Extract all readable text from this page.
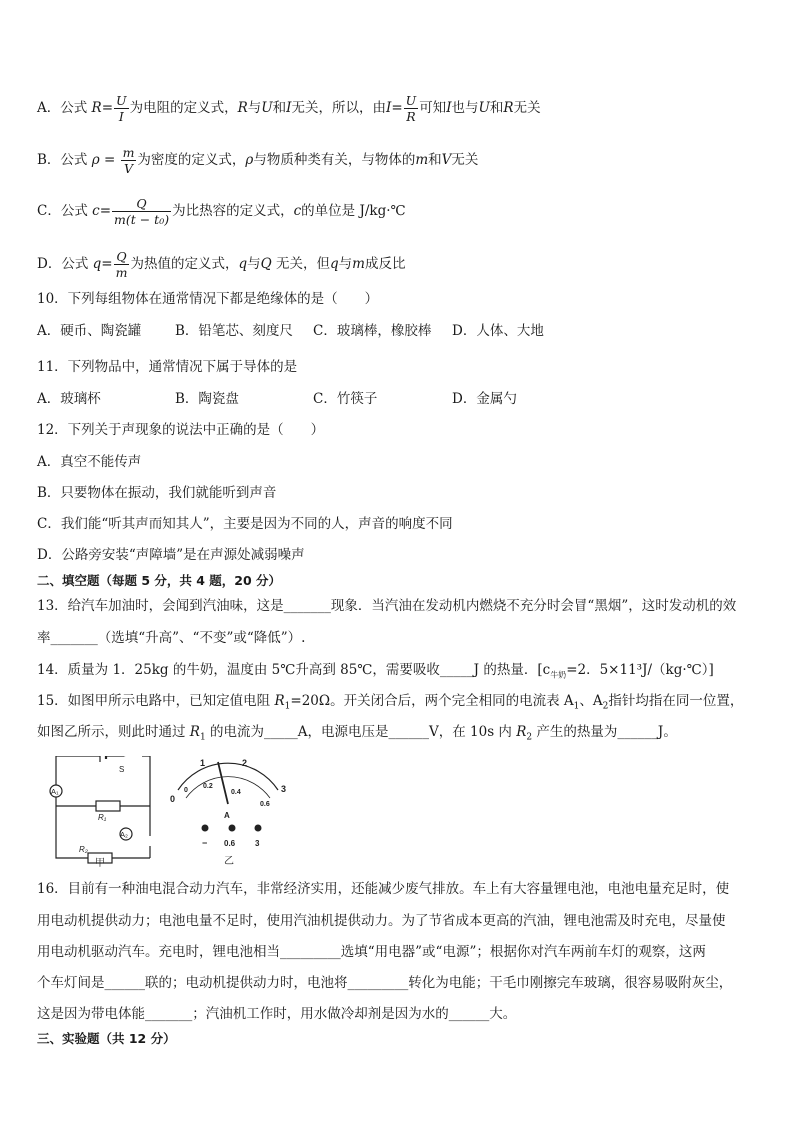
A．公式 $R= \frac{U}{I}$ 为电阻的定义式，R与U和I无关，所以，由$I= \frac{U}{R}$ 可知I也与U和R无关
B．公式 $\rho = \frac{m}{V}$ 为密度的定义式，ρ与物质种类有关，与物体的m和V无关
C．公式 $c= \frac{Q}{\text{m(t − t₀)}}$ 为比热容的定义式，c的单位是 J/kg·℃
D．公式 $q= \frac{Q}{m}$ 为热值的定义式，q与Q 无关，但q与m成反比
10．下列每组物体在通常情况下都是绝缘体的是（　　）
A．硬币、陶瓷罐	B．铅笔芯、刻度尺 C．玻璃棒，橡胶棒 D．人体、大地
11．下列物品中，通常情况下属于导体的是
A．玻璃杯	B．陶瓷盘	C．竹筷子	D．金属勺
12．下列关于声现象的说法中正确的是（　　）
A．真空不能传声
B．只要物体在振动，我们就能听到声音
C．我们能“听其声而知其人”，主要是因为不同的人，声音的响度不同
D．公路旁安装“声障墙”是在声源处减弱噪声
二、填空题（每题 5 分，共 4 题，20 分）
13．给汽车加油时，会闻到汽油味，这是_______现象．当汽油在发动机内燃烧不充分时会冒“黑烟”，这时发动机的效
率_______（选填“升高”、“不变”或“降低”）.
14．质量为 1．25kg 的牛奶，温度由 5℃升高到 85℃，需要吸收_____J 的热量．[$c_{牛奶}=2$．5×11³J/（kg·℃）]
15．如图甲所示电路中，已知定值电阻 $R_1=20\Omega$。开关闭合后，两个完全相同的电流表 $A_1$、$A_2$指针均指在同一位置，
如图乙所示，则此时通过 $R_1$ 的电流为_____A，电源电压是______V，在 10s 内 $R_2$ 产生的热量为______J。
A₁
A₂
S
R₁
R₂
甲
0
1	2
3
0
0.2
0.4
0.6
A
− 0.6 3
乙
16．目前有一种油电混合动力汽车，非常经济实用，还能减少废气排放。车上有大容量锂电池，电池电量充足时，使
用电动机提供动力；电池电量不足时，使用汽油机提供动力。为了节省成本更高的汽油，锂电池需及时充电，尽量使
用电动机驱动汽车。充电时，锂电池相当_________选填“用电器”或“电源”；根据你对汽车两前车灯的观察，这两
个车灯间是______联的；电动机提供动力时，电池将_________转化为电能；干毛巾刚擦完车玻璃，很容易吸附灰尘，
这是因为带电体能_______；汽油机工作时，用水做冷却剂是因为水的______大。
三、实验题（共 12 分）
